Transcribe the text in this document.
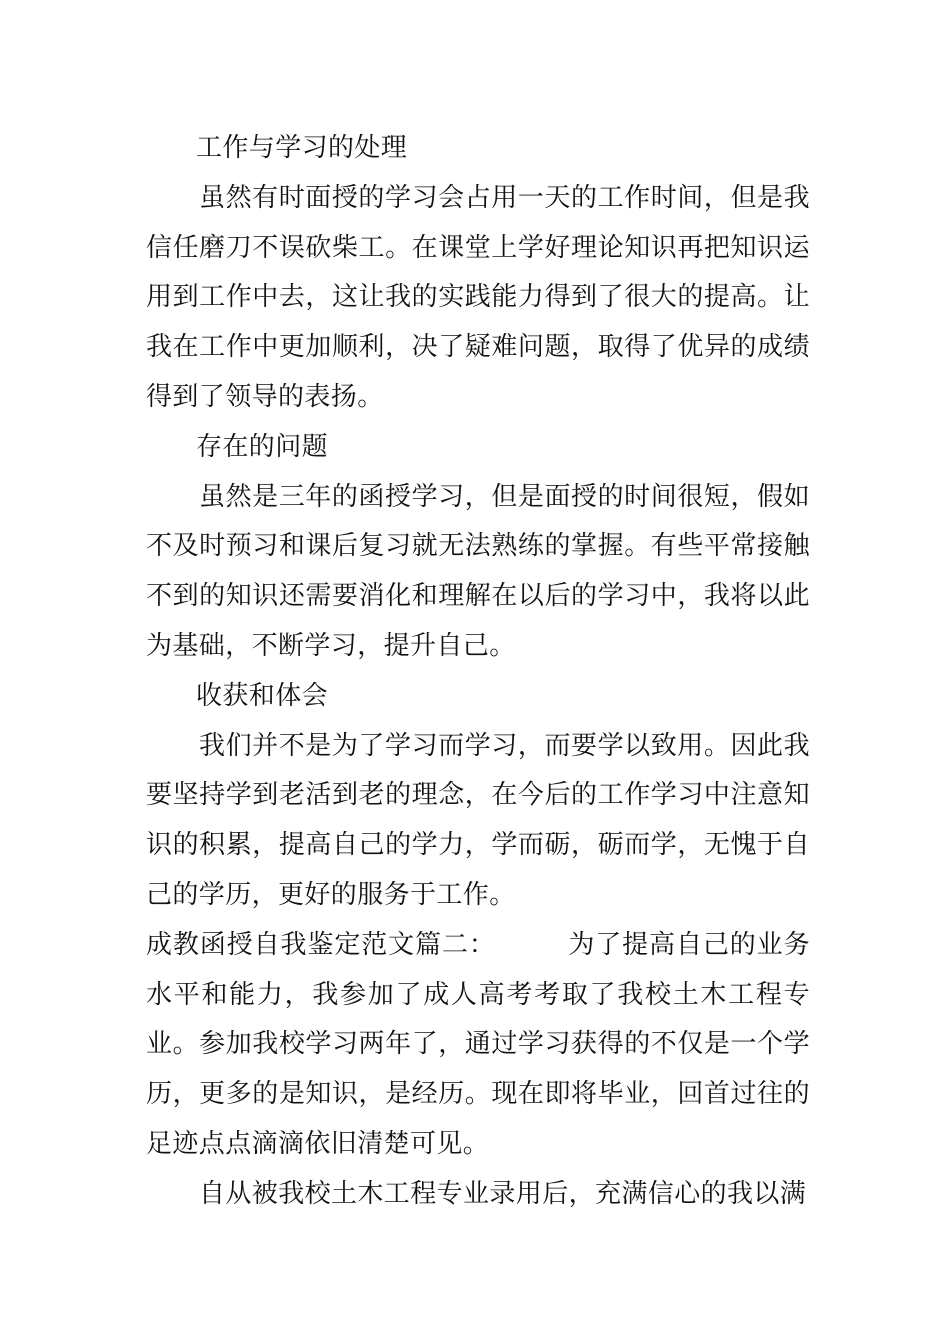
工作与学习的处理

虽然有时面授的学习会占用一天的工作时间，但是我信任磨刀不误砍柴工。在课堂上学好理论知识再把知识运用到工作中去，这让我的实践能力得到了很大的提高。让我在工作中更加顺利，决了疑难问题，取得了优异的成绩得到了领导的表扬。

存在的问题

虽然是三年的函授学习，但是面授的时间很短，假如不及时预习和课后复习就无法熟练的掌握。有些平常接触不到的知识还需要消化和理解在以后的学习中，我将以此为基础，不断学习，提升自己。

收获和体会

我们并不是为了学习而学习，而要学以致用。因此我要坚持学到老活到老的理念，在今后的工作学习中注意知识的积累，提高自己的学力，学而砺，砺而学，无愧于自己的学历，更好的服务于工作。

成教函授自我鉴定范文篇二：	为了提高自己的业务水平和能力，我参加了成人高考考取了我校土木工程专业。参加我校学习两年了，通过学习获得的不仅是一个学历，更多的是知识，是经历。现在即将毕业，回首过往的足迹点点滴滴依旧清楚可见。

自从被我校土木工程专业录用后，充满信心的我以满
